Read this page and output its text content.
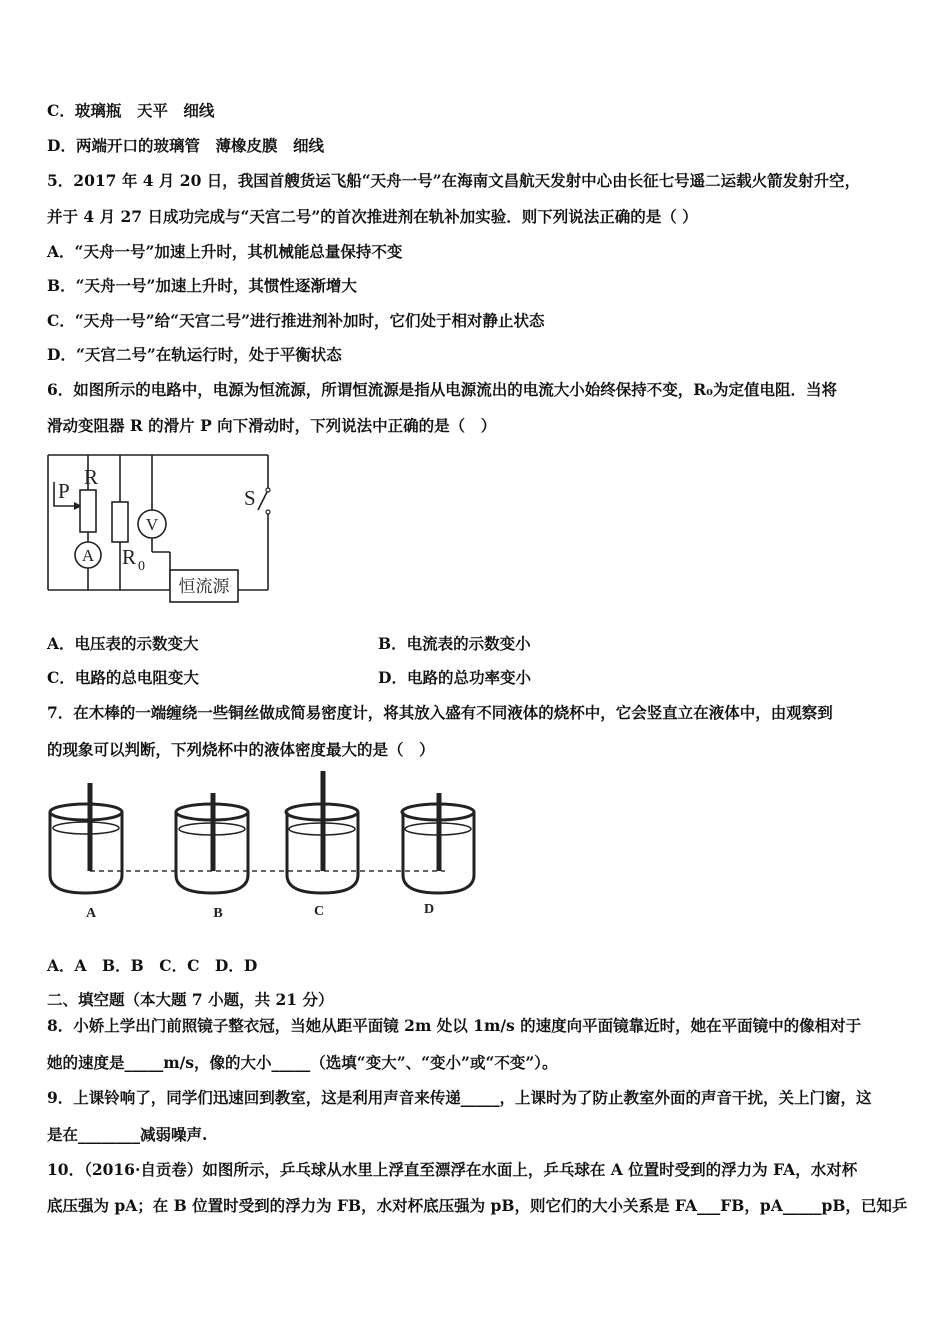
C．玻璃瓶　天平　细线
D．两端开口的玻璃管　薄橡皮膜　细线
5．2017 年 4 月 20 日，我国首艘货运飞船“天舟一号”在海南文昌航天发射中心由长征七号遥二运载火箭发射升空，
并于 4 月 27 日成功完成与“天宫二号”的首次推进剂在轨补加实验．则下列说法正确的是（ ）
A．“天舟一号”加速上升时，其机械能总量保持不变
B．“天舟一号”加速上升时，其惯性逐渐增大
C．“天舟一号”给“天宫二号”进行推进剂补加时，它们处于相对静止状态
D．“天宫二号”在轨运行时，处于平衡状态
6．如图所示的电路中，电源为恒流源，所谓恒流源是指从电源流出的电流大小始终保持不变，R₀为定值电阻．当将
滑动变阻器 R 的滑片 P 向下滑动时，下列说法中正确的是（　）
P
R
A
V
R 0
S
恒流源
A．电压表的示数变大	B．电流表的示数变小
C．电路的总电阻变大	D．电路的总功率变小
7．在木棒的一端缠绕一些铜丝做成简易密度计，将其放入盛有不同液体的烧杯中，它会竖直立在液体中，由观察到
的现象可以判断，下列烧杯中的液体密度最大的是（　）
A	B	C	D
A．A　B．B　C．C　D．D
二、填空题（本大题 7 小题，共 21 分）
8．小娇上学出门前照镜子整衣冠，当她从距平面镜 2m 处以 1m/s 的速度向平面镜靠近时，她在平面镜中的像相对于
她的速度是_____m/s，像的大小_____（选填“变大”、“变小”或“不变”）。
9．上课铃响了，同学们迅速回到教室，这是利用声音来传递_____，上课时为了防止教室外面的声音干扰，关上门窗，这
是在________减弱噪声.
10．（2016·自贡卷）如图所示，乒乓球从水里上浮直至漂浮在水面上，乒乓球在 A 位置时受到的浮力为 FA，水对杯
底压强为 pA；在 B 位置时受到的浮力为 FB，水对杯底压强为 pB，则它们的大小关系是 FA___FB，pA_____pB，已知乒
